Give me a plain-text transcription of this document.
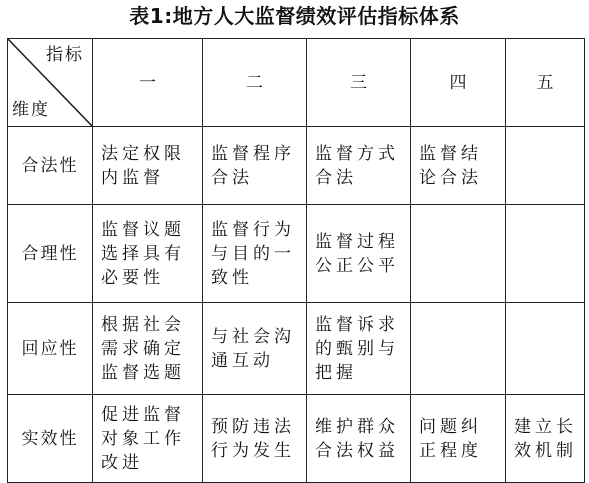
表1:地方人大监督绩效评估指标体系
指标
维度	一	二	三	四	五
合法性	法定权限内监督	监督程序合法	监督方式合法	监督结论合法	
合理性	监督议题选择具有必要性	监督行为与目的一致性	监督过程公正公平		
回应性	根据社会需求确定监督选题	与社会沟通互动	监督诉求的甄别与把握		
实效性	促进监督对象工作改进	预防违法行为发生	维护群众合法权益	问题纠正程度	建立长效机制
